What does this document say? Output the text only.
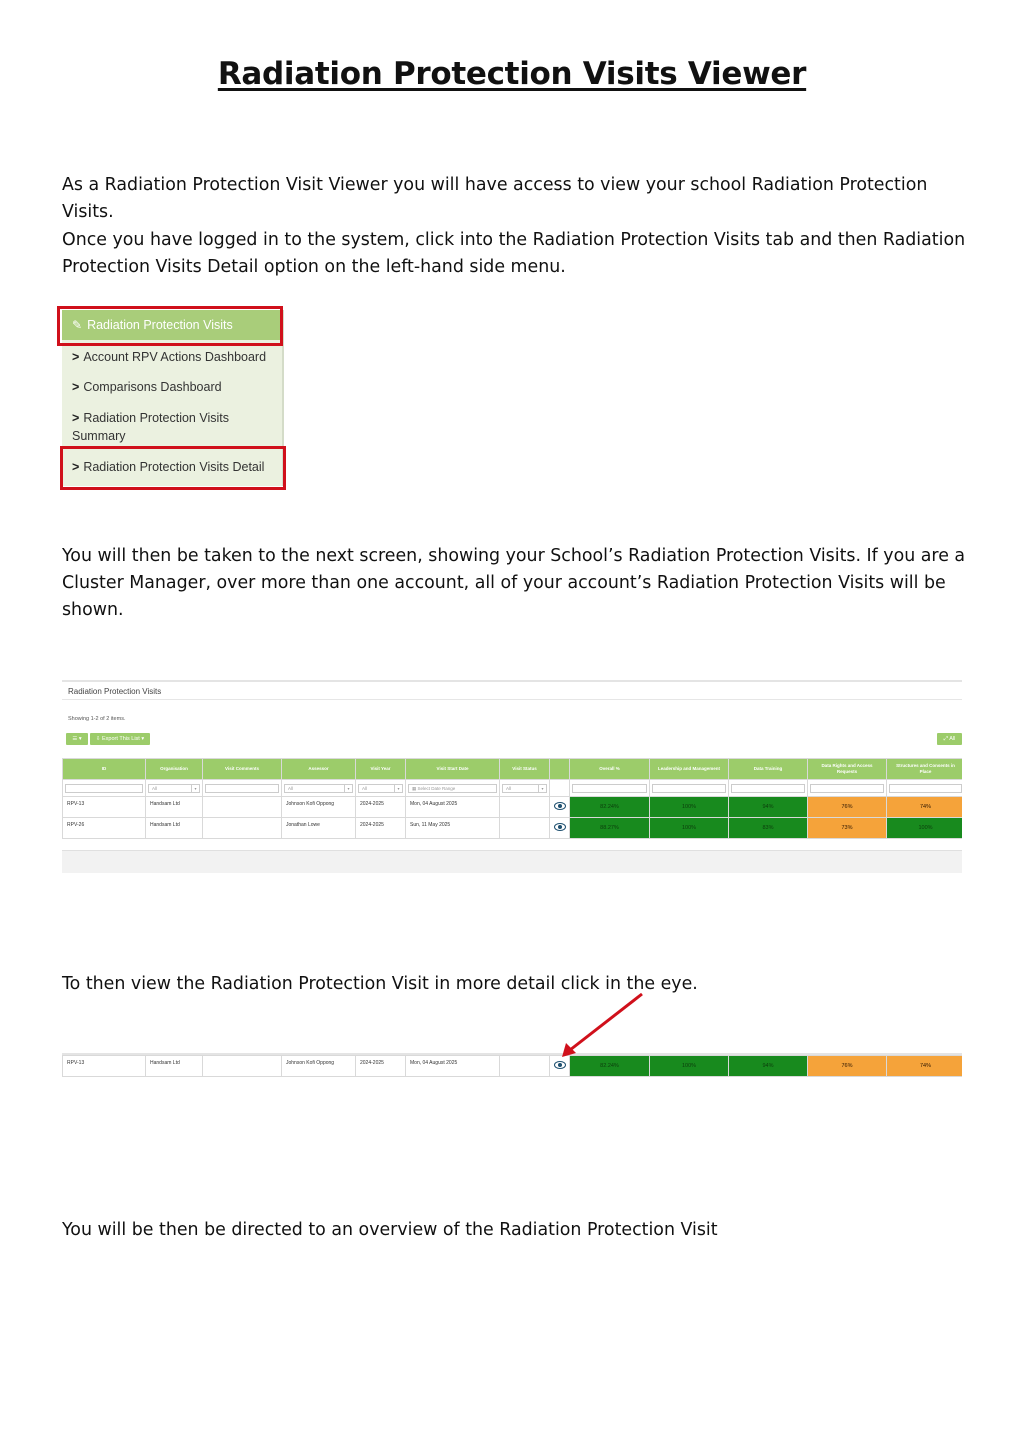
Radiation Protection Visits Viewer
As a Radiation Protection Visit Viewer you will have access to view your school Radiation Protection Visits.
Once you have logged in to the system, click into the Radiation Protection Visits tab and then Radiation Protection Visits Detail option on the left-hand side menu.
✎ Radiation Protection Visits
> Account RPV Actions Dashboard
> Comparisons Dashboard
> Radiation Protection Visits Summary
> Radiation Protection Visits Detail
You will then be taken to the next screen, showing your School’s Radiation Protection Visits. If you are a Cluster Manager, over more than one account, all of your account’s Radiation Protection Visits will be shown.
Radiation Protection Visits
Showing 1-2 of 2 items.
☰ ▾	⇩ Export This List ▾	⤢ All
ID	Organisation	Visit Comments	Assessor	Visit Year	Visit Start Date	Visit Status		Overall %	Leadership and Management	Data Training	Data Rights and Access Requests	Structures and Consents in Place

	All ▾		All ▾	All ▾	▦ Select Date Range	All ▾						

RPV-13	Handsam Ltd		Johnson Kofi Oppong	2024-2025	Mon, 04 August 2025			82.24%	100%	94%	76%	74%
RPV-26	Handsam Ltd		Jonathan Lowe	2024-2025	Sun, 11 May 2025			88.27%	100%	83%	73%	100%
To then view the Radiation Protection Visit in more detail click in the eye.
RPV-13	Handsam Ltd		Johnson Kofi Oppong	2024-2025	Mon, 04 August 2025			82.24%	100%	94%	76%	74%
You will be then be directed to an overview of the Radiation Protection Visit
